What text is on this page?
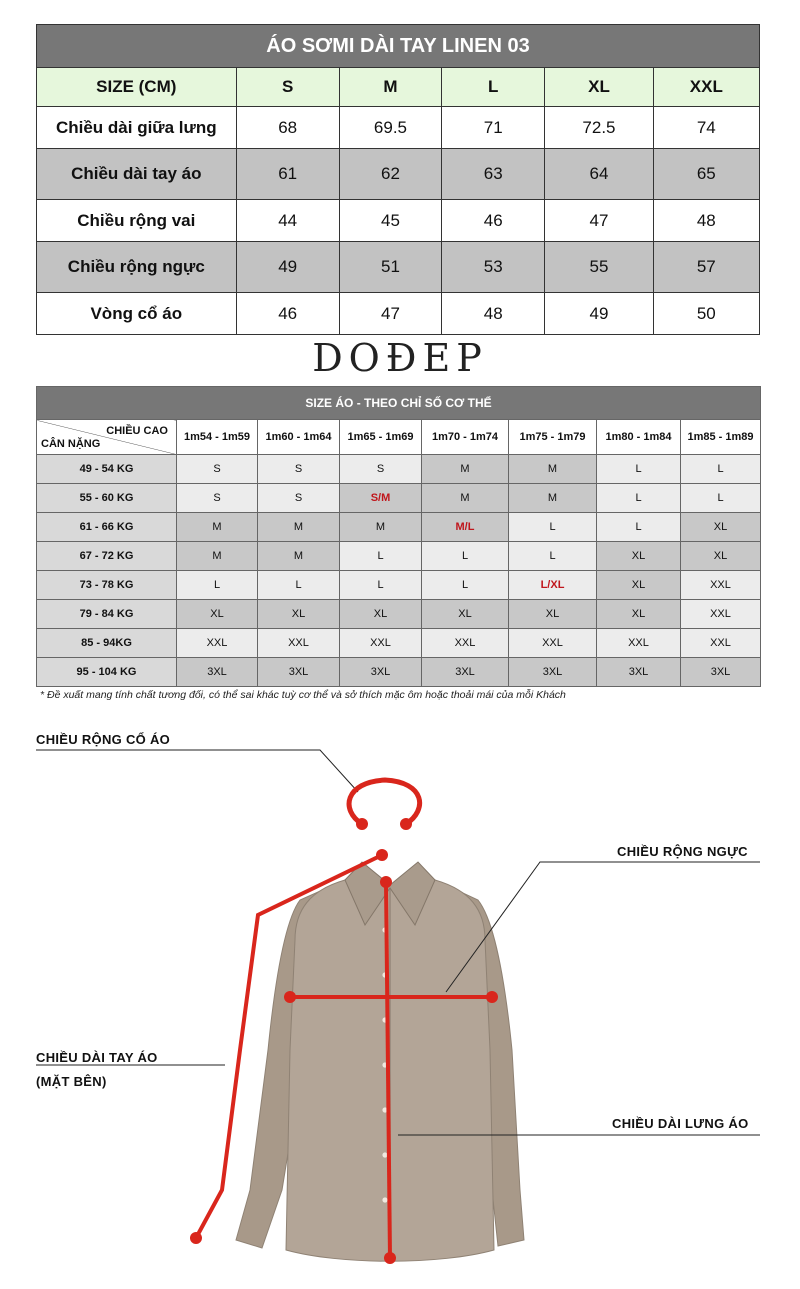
ÁO SƠMI DÀI TAY LINEN 03					
SIZE (CM)	S	M	L	XL	XXL
Chiều dài giữa lưng	68	69.5	71	72.5	74
Chiều dài tay áo	61	62	63	64	65
Chiều rộng vai	44	45	46	47	48
Chiều rộng ngực	49	51	53	55	57
Vòng cổ áo	46	47	48	49	50
DOĐEP
SIZE ÁO - THEO CHỈ SỐ CƠ THỂ							

CHIỀU CAO
CÂN NẶNG	1m54 - 1m59	1m60 - 1m64	1m65 - 1m69	1m70 - 1m74	1m75 - 1m79	1m80 - 1m84	1m85 - 1m89
49 - 54 KG	S	S	S	M	M	L	L
55 - 60 KG	S	S	S/M	M	M	L	L
61 - 66 KG	M	M	M	M/L	L	L	XL
67 - 72 KG	M	M	L	L	L	XL	XL
73 - 78 KG	L	L	L	L	L/XL	XL	XXL
79 - 84 KG	XL	XL	XL	XL	XL	XL	XXL
85 - 94KG	XXL	XXL	XXL	XXL	XXL	XXL	XXL
95 - 104 KG	3XL	3XL	3XL	3XL	3XL	3XL	3XL
* Đề xuất mang tính chất tương đối, có thể sai khác tuỳ cơ thể và sở thích mặc ôm hoặc thoải mái của mỗi Khách
CHIỀU RỘNG CỔ ÁO
CHIỀU RỘNG NGỰC
CHIỀU DÀI TAY ÁO
(MẶT BÊN)
CHIỀU DÀI LƯNG ÁO
